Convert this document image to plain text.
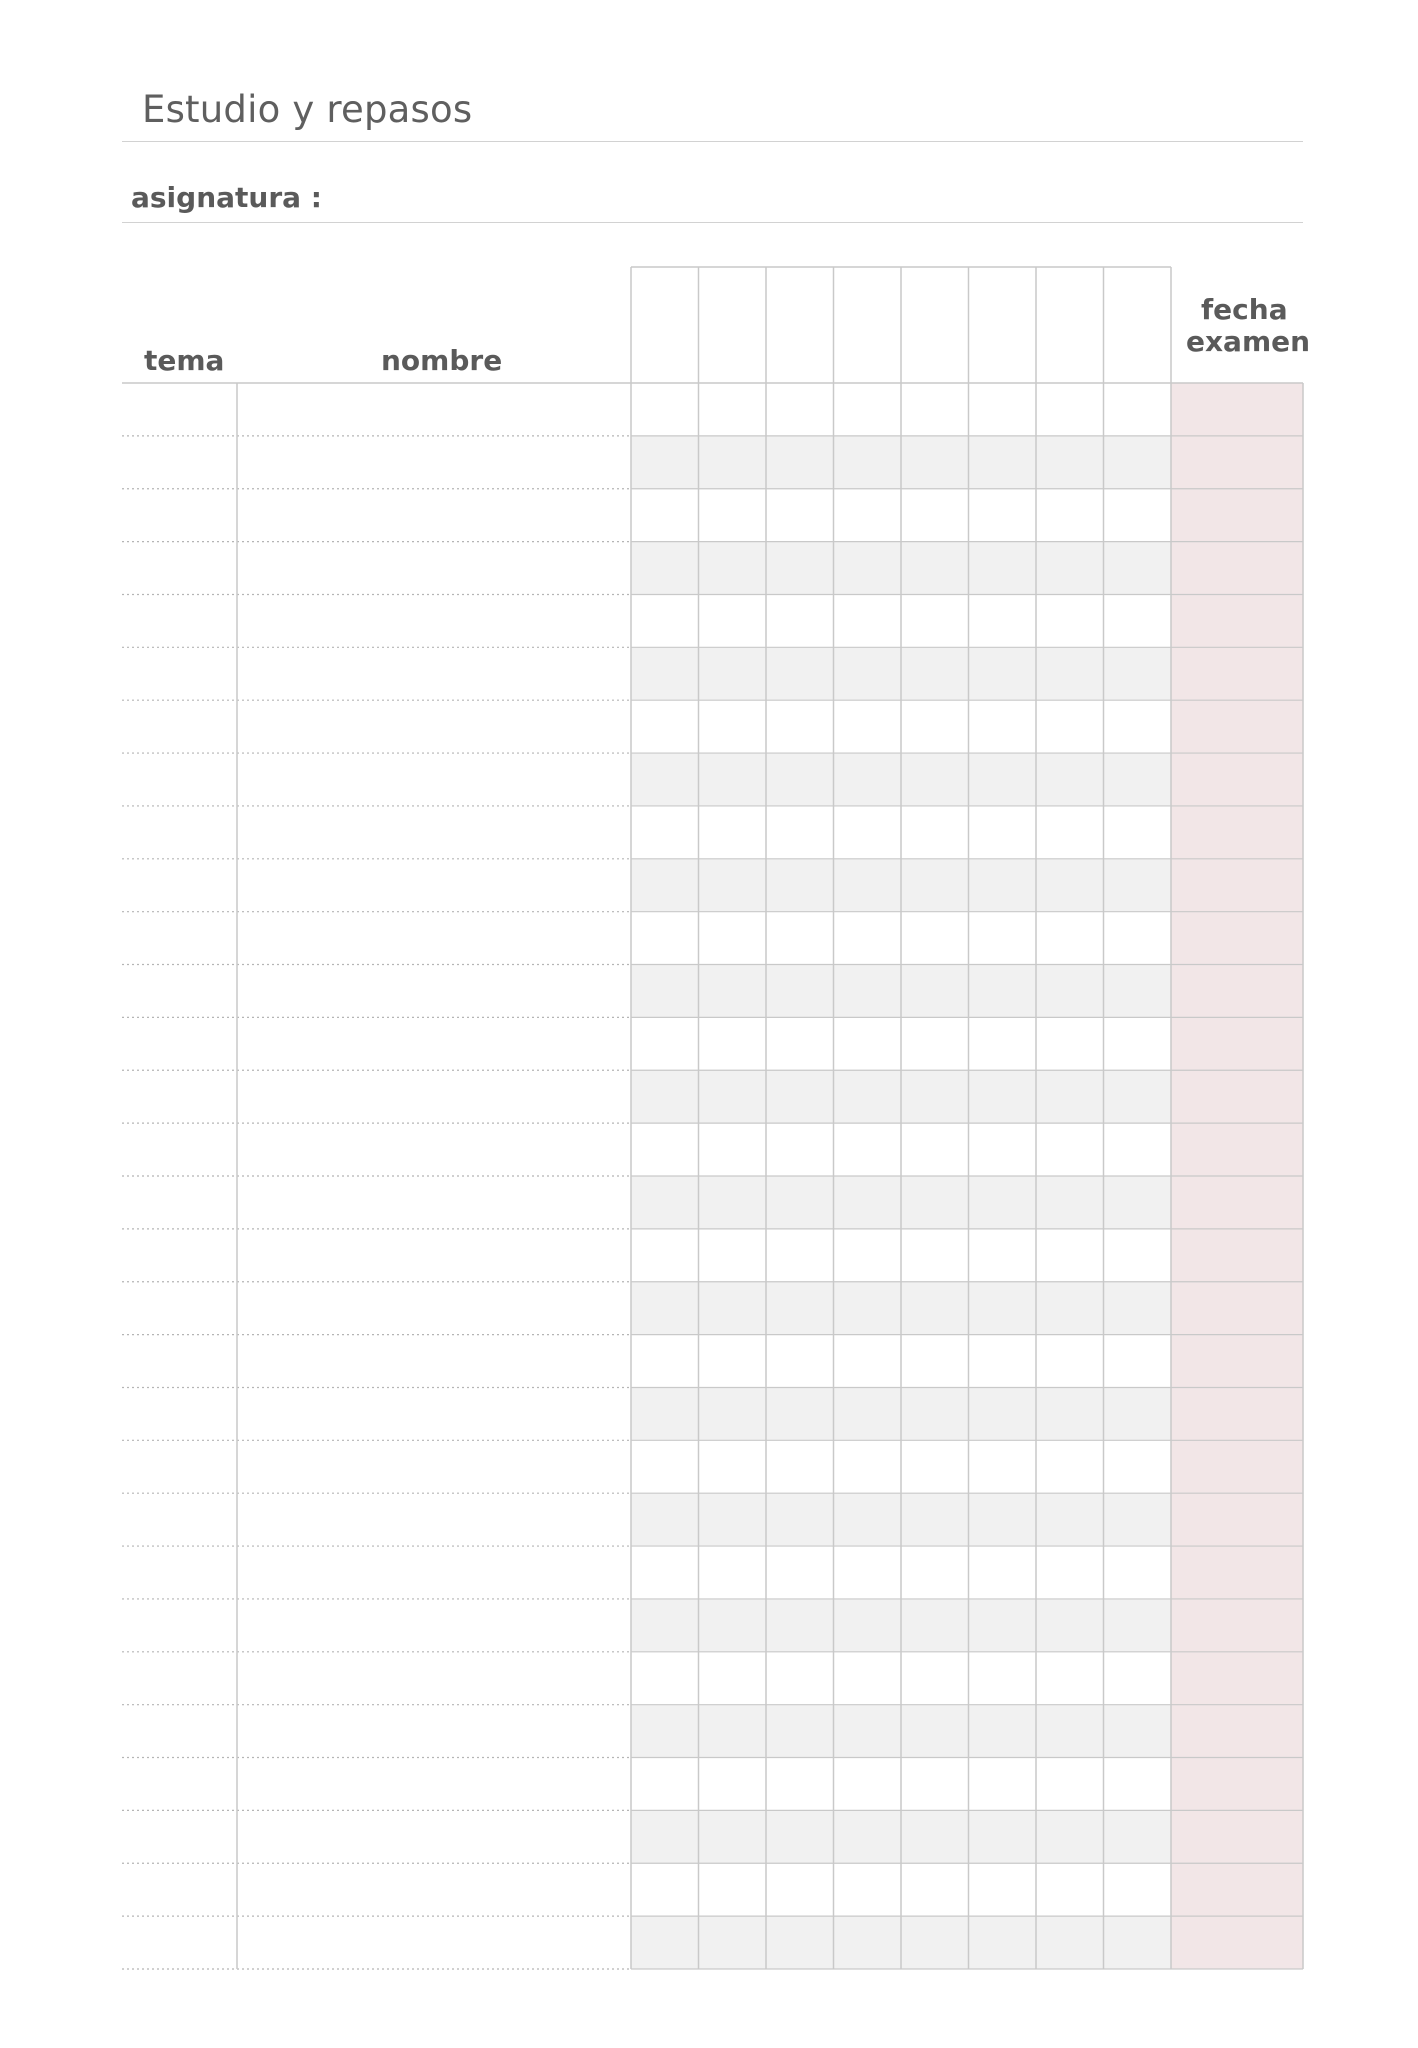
Estudio y repasos
asignatura :
tema	nombre
fecha
examen
